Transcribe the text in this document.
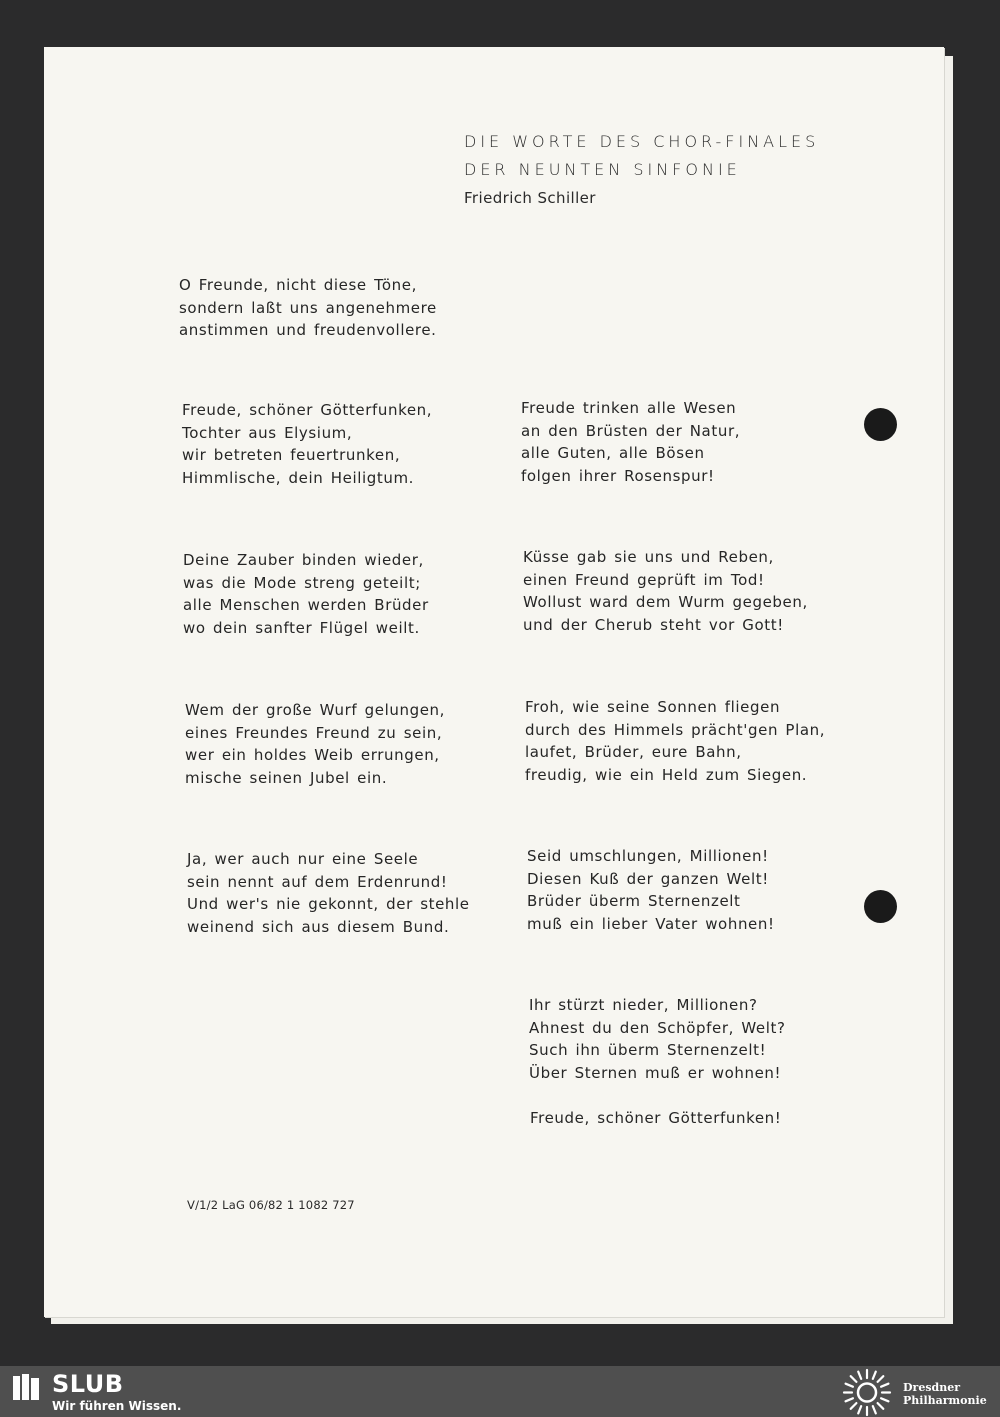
DIE WORTE DES CHOR-FINALES
DER NEUNTEN SINFONIE
Friedrich Schiller
O Freunde, nicht diese Töne,
sondern laßt uns angenehmere
anstimmen und freudenvollere.
Freude, schöner Götterfunken,
Tochter aus Elysium,
wir betreten feuertrunken,
Himmlische, dein Heiligtum.
Deine Zauber binden wieder,
was die Mode streng geteilt;
alle Menschen werden Brüder
wo dein sanfter Flügel weilt.
Wem der große Wurf gelungen,
eines Freundes Freund zu sein,
wer ein holdes Weib errungen,
mische seinen Jubel ein.
Ja, wer auch nur eine Seele
sein nennt auf dem Erdenrund!
Und wer's nie gekonnt, der stehle
weinend sich aus diesem Bund.
Freude trinken alle Wesen
an den Brüsten der Natur,
alle Guten, alle Bösen
folgen ihrer Rosenspur!
Küsse gab sie uns und Reben,
einen Freund geprüft im Tod!
Wollust ward dem Wurm gegeben,
und der Cherub steht vor Gott!
Froh, wie seine Sonnen fliegen
durch des Himmels prächt'gen Plan,
laufet, Brüder, eure Bahn,
freudig, wie ein Held zum Siegen.
Seid umschlungen, Millionen!
Diesen Kuß der ganzen Welt!
Brüder überm Sternenzelt
muß ein lieber Vater wohnen!
Ihr stürzt nieder, Millionen?
Ahnest du den Schöpfer, Welt?
Such ihn überm Sternenzelt!
Über Sternen muß er wohnen!
Freude, schöner Götterfunken!
V/1/2 LaG 06/82 1 1082 727
SLUB
Wir führen Wissen.
Dresdner
Philharmonie
